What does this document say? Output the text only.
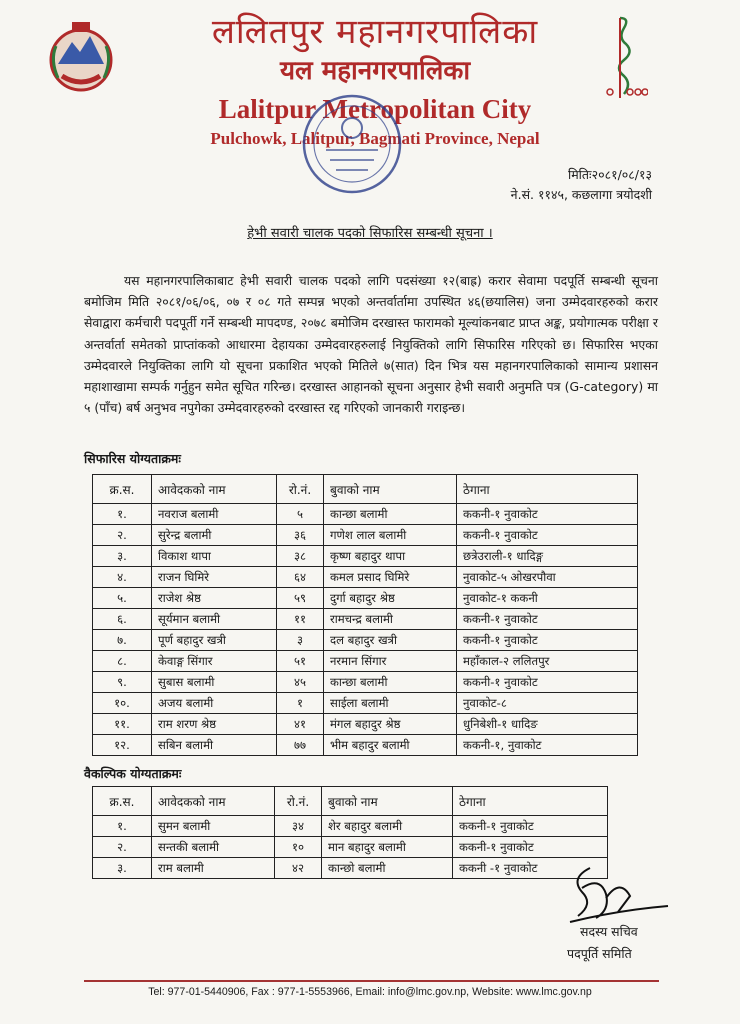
ललितपुर महानगरपालिका
यल महानगरपालिका
Lalitpur Metropolitan City
Pulchowk, Lalitpur, Bagmati Province, Nepal
मितिः२०८१/०८/१३
ने.सं. ११४५, कछलागा त्रयोदशी
हेभी सवारी चालक पदको सिफारिस सम्बन्धी सूचना ।
यस महानगरपालिकाबाट हेभी सवारी चालक पदको लागि पदसंख्या १२(बाह्र) करार सेवामा पदपूर्ति सम्बन्धी सूचना बमोजिम मिति २०८१/०६/०६, ०७ र ०८ गते सम्पन्न भएको अन्तर्वार्तामा उपस्थित ४६(छयालिस) जना उम्मेदवारहरुको करार सेवाद्वारा कर्मचारी पदपूर्ती गर्ने सम्बन्धी मापदण्ड, २०७८ बमोजिम दरखास्त फारामको मूल्यांकनबाट प्राप्त अङ्क, प्रयोगात्मक परीक्षा र अन्तर्वार्ता समेतको प्राप्तांकको आधारमा देहायका उम्मेदवारहरुलाई नियुक्तिको लागि सिफारिस गरिएको छ। सिफारिस भएका उम्मेदवारले नियुक्तिका लागि यो सूचना प्रकाशित भएको मितिले ७(सात) दिन भित्र यस महानगरपालिकाको सामान्य प्रशासन महाशाखामा सम्पर्क गर्नुहुन समेत सूचित गरिन्छ। दरखास्त आहानको सूचना अनुसार हेभी सवारी अनुमति पत्र (G-category) मा ५ (पाँच) बर्ष अनुभव नपुगेका उम्मेदवारहरुको दरखास्त रद्द गरिएको जानकारी गराइन्छ।
सिफारिस योग्यताक्रमः
क्र.स.	आवेदकको नाम	रो.नं.	बुवाको नाम	ठेगाना
१.	नवराज बलामी	५	कान्छा बलामी	ककनी-१ नुवाकोट
२.	सुरेन्द्र बलामी	३६	गणेश लाल बलामी	ककनी-१ नुवाकोट
३.	विकाश थापा	३८	कृष्ण बहादुर थापा	छत्रेउराली-१ धादिङ्ग
४.	राजन घिमिरे	६४	कमल प्रसाद घिमिरे	नुवाकोट-५ ओखरपौवा
५.	राजेश श्रेष्ठ	५९	दुर्गा बहादुर श्रेष्ठ	नुवाकोट-१ ककनी
६.	सूर्यमान बलामी	११	रामचन्द्र बलामी	ककनी-१ नुवाकोट
७.	पूर्ण बहादुर खत्री	३	दल बहादुर खत्री	ककनी-१ नुवाकोट
८.	केवाङ्ग सिंगार	५१	नरमान सिंगार	महाँकाल-२ ललितपुर
९.	सुबास बलामी	४५	कान्छा बलामी	ककनी-१ नुवाकोट
१०.	अजय बलामी	१	साईला बलामी	नुवाकोट-८
११.	राम शरण श्रेष्ठ	४१	मंगल बहादुर श्रेष्ठ	धुनिबेशी-१ धादिङ
१२.	सबिन बलामी	७७	भीम बहादुर बलामी	ककनी-१, नुवाकोट
वैकल्पिक योग्यताक्रमः
क्र.स.	आवेदकको नाम	रो.नं.	बुवाको नाम	ठेगाना
१.	सुमन बलामी	३४	शेर बहादुर बलामी	ककनी-१ नुवाकोट
२.	सन्तकी बलामी	१०	मान बहादुर बलामी	ककनी-१ नुवाकोट
३.	राम बलामी	४२	कान्छो बलामी	ककनी -१ नुवाकोट
सदस्य सचिव
पदपूर्ति समिति
Tel: 977-01-5440906, Fax : 977-1-5553966, Email: info@lmc.gov.np, Website: www.lmc.gov.np
